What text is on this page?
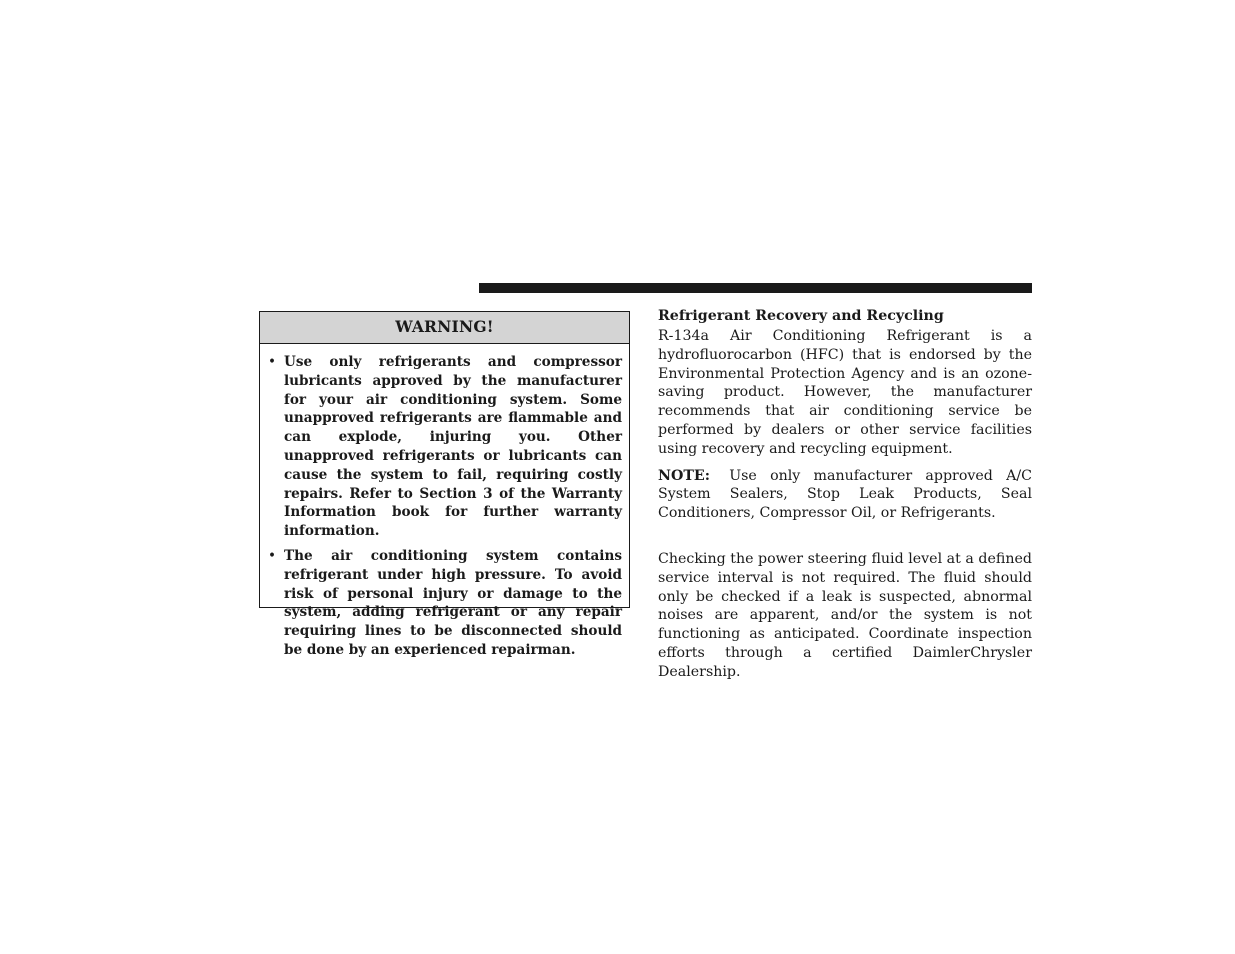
WARNING!
• Use only refrigerants and compressor lubricants approved by the manufacturer for your air conditioning system. Some unapproved refrigerants are flammable and can explode, injuring you. Other unapproved refrigerants or lubricants can cause the system to fail, requiring costly repairs. Refer to Section 3 of the Warranty Information book for further warranty information.
• The air conditioning system contains refrigerant under high pressure. To avoid risk of personal injury or damage to the system, adding refrigerant or any repair requiring lines to be disconnected should be done by an experienced repairman.
Refrigerant Recovery and Recycling

R-134a Air Conditioning Refrigerant is a hydrofluorocarbon (HFC) that is endorsed by the Environmental Protection Agency and is an ozone-saving product. However, the manufacturer recommends that air conditioning service be performed by dealers or other service facilities using recovery and recycling equipment.

NOTE: Use only manufacturer approved A/C System Sealers, Stop Leak Products, Seal Conditioners, Compressor Oil, or Refrigerants.

Checking the power steering fluid level at a defined service interval is not required. The fluid should only be checked if a leak is suspected, abnormal noises are apparent, and/or the system is not functioning as anticipated. Coordinate inspection efforts through a certified DaimlerChrysler Dealership.
